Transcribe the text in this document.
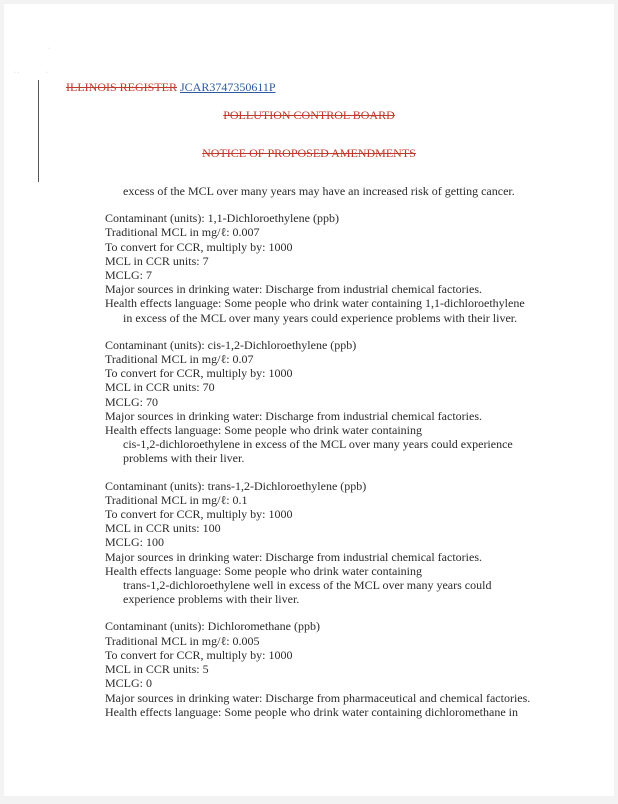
·
· ·	·
ILLINOIS REGISTER JCAR3747350611P
POLLUTION CONTROL BOARD
NOTICE OF PROPOSED AMENDMENTS

excess of the MCL over many years may have an increased risk of getting cancer.

Contaminant (units): 1,1-Dichloroethylene (ppb)

Traditional MCL in mg/ℓ: 0.007

To convert for CCR, multiply by: 1000

MCL in CCR units: 7

MCLG: 7

Major sources in drinking water: Discharge from industrial chemical factories.

Health effects language: Some people who drink water containing 1,1-dichloroethylene

in excess of the MCL over many years could experience problems with their liver.

Contaminant (units): cis-1,2-Dichloroethylene (ppb)

Traditional MCL in mg/ℓ: 0.07

To convert for CCR, multiply by: 1000

MCL in CCR units: 70

MCLG: 70

Major sources in drinking water: Discharge from industrial chemical factories.

Health effects language: Some people who drink water containing

cis-1,2-dichloroethylene in excess of the MCL over many years could experience

problems with their liver.

Contaminant (units): trans-1,2-Dichloroethylene (ppb)

Traditional MCL in mg/ℓ: 0.1

To convert for CCR, multiply by: 1000

MCL in CCR units: 100

MCLG: 100

Major sources in drinking water: Discharge from industrial chemical factories.

Health effects language: Some people who drink water containing

trans-1,2-dichloroethylene well in excess of the MCL over many years could

experience problems with their liver.

Contaminant (units): Dichloromethane (ppb)

Traditional MCL in mg/ℓ: 0.005

To convert for CCR, multiply by: 1000

MCL in CCR units: 5

MCLG: 0

Major sources in drinking water: Discharge from pharmaceutical and chemical factories.

Health effects language: Some people who drink water containing dichloromethane in
